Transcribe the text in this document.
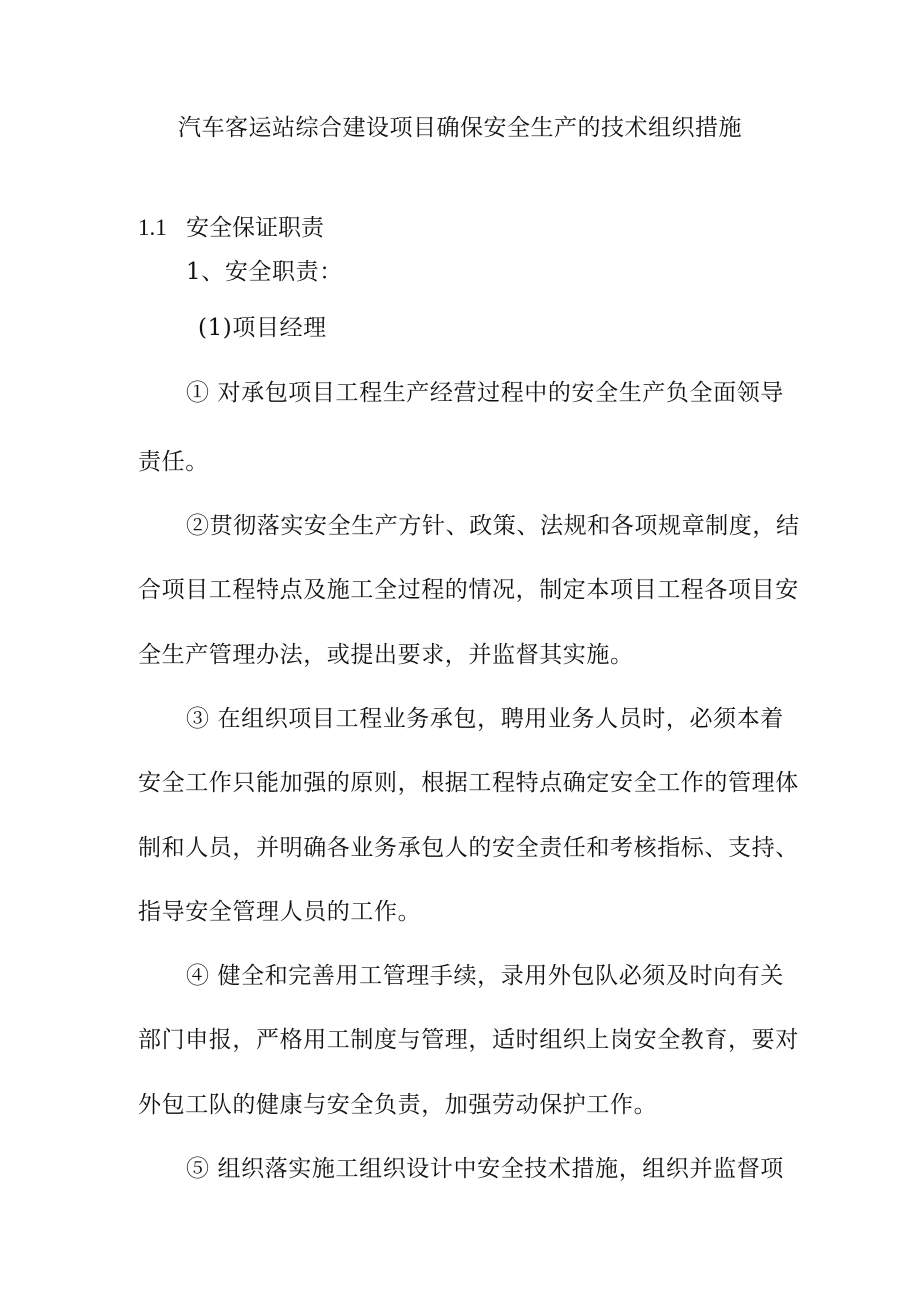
汽车客运站综合建设项目确保安全生产的技术组织措施
1.1 安全保证职责
1、安全职责：
(1)项目经理
① 对承包项目工程生产经营过程中的安全生产负全面领导
责任。
②贯彻落实安全生产方针、政策、法规和各项规章制度，结
合项目工程特点及施工全过程的情况，制定本项目工程各项目安
全生产管理办法，或提出要求，并监督其实施。
③ 在组织项目工程业务承包，聘用业务人员时，必须本着
安全工作只能加强的原则，根据工程特点确定安全工作的管理体
制和人员，并明确各业务承包人的安全责任和考核指标、支持、
指导安全管理人员的工作。
④ 健全和完善用工管理手续，录用外包队必须及时向有关
部门申报，严格用工制度与管理，适时组织上岗安全教育，要对
外包工队的健康与安全负责，加强劳动保护工作。
⑤ 组织落实施工组织设计中安全技术措施，组织并监督项
